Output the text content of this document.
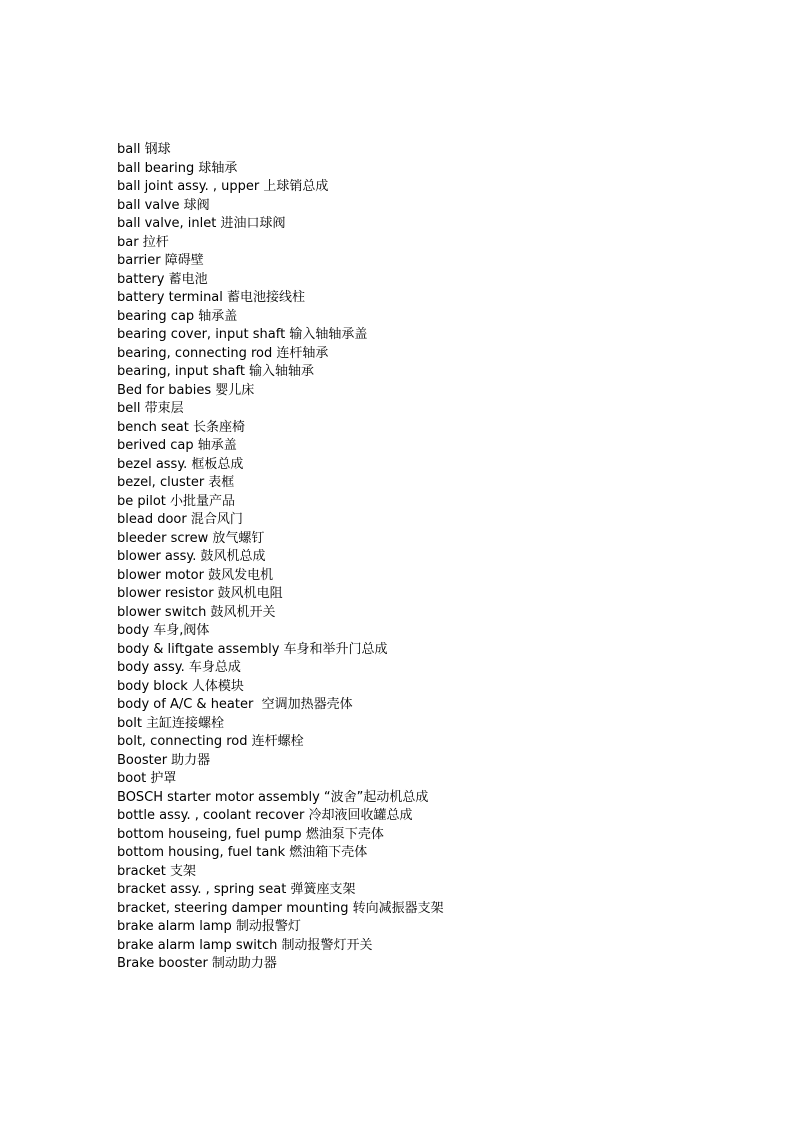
ball 钢球
ball bearing 球轴承
ball joint assy. , upper 上球销总成
ball valve 球阀
ball valve, inlet 进油口球阀
bar 拉杆
barrier 障碍壁
battery 蓄电池
battery terminal 蓄电池接线柱
bearing cap 轴承盖
bearing cover, input shaft 输入轴轴承盖
bearing, connecting rod 连杆轴承
bearing, input shaft 输入轴轴承
Bed for babies 婴儿床
bell 带束层
bench seat 长条座椅
berived cap 轴承盖
bezel assy. 框板总成
bezel, cluster 表框
be pilot 小批量产品
blead door 混合风门
bleeder screw 放气螺钉
blower assy. 鼓风机总成
blower motor 鼓风发电机
blower resistor 鼓风机电阻
blower switch 鼓风机开关
body 车身,阀体
body & liftgate assembly 车身和举升门总成
body assy. 车身总成
body block 人体模块
body of A/C & heater  空调加热器壳体
bolt 主缸连接螺栓
bolt, connecting rod 连杆螺栓
Booster 助力器
boot 护罩
BOSCH starter motor assembly “波舍”起动机总成
bottle assy. , coolant recover 冷却液回收罐总成
bottom houseing, fuel pump 燃油泵下壳体
bottom housing, fuel tank 燃油箱下壳体
bracket 支架
bracket assy. , spring seat 弹簧座支架
bracket, steering damper mounting 转向减振器支架
brake alarm lamp 制动报警灯
brake alarm lamp switch 制动报警灯开关
Brake booster 制动助力器
